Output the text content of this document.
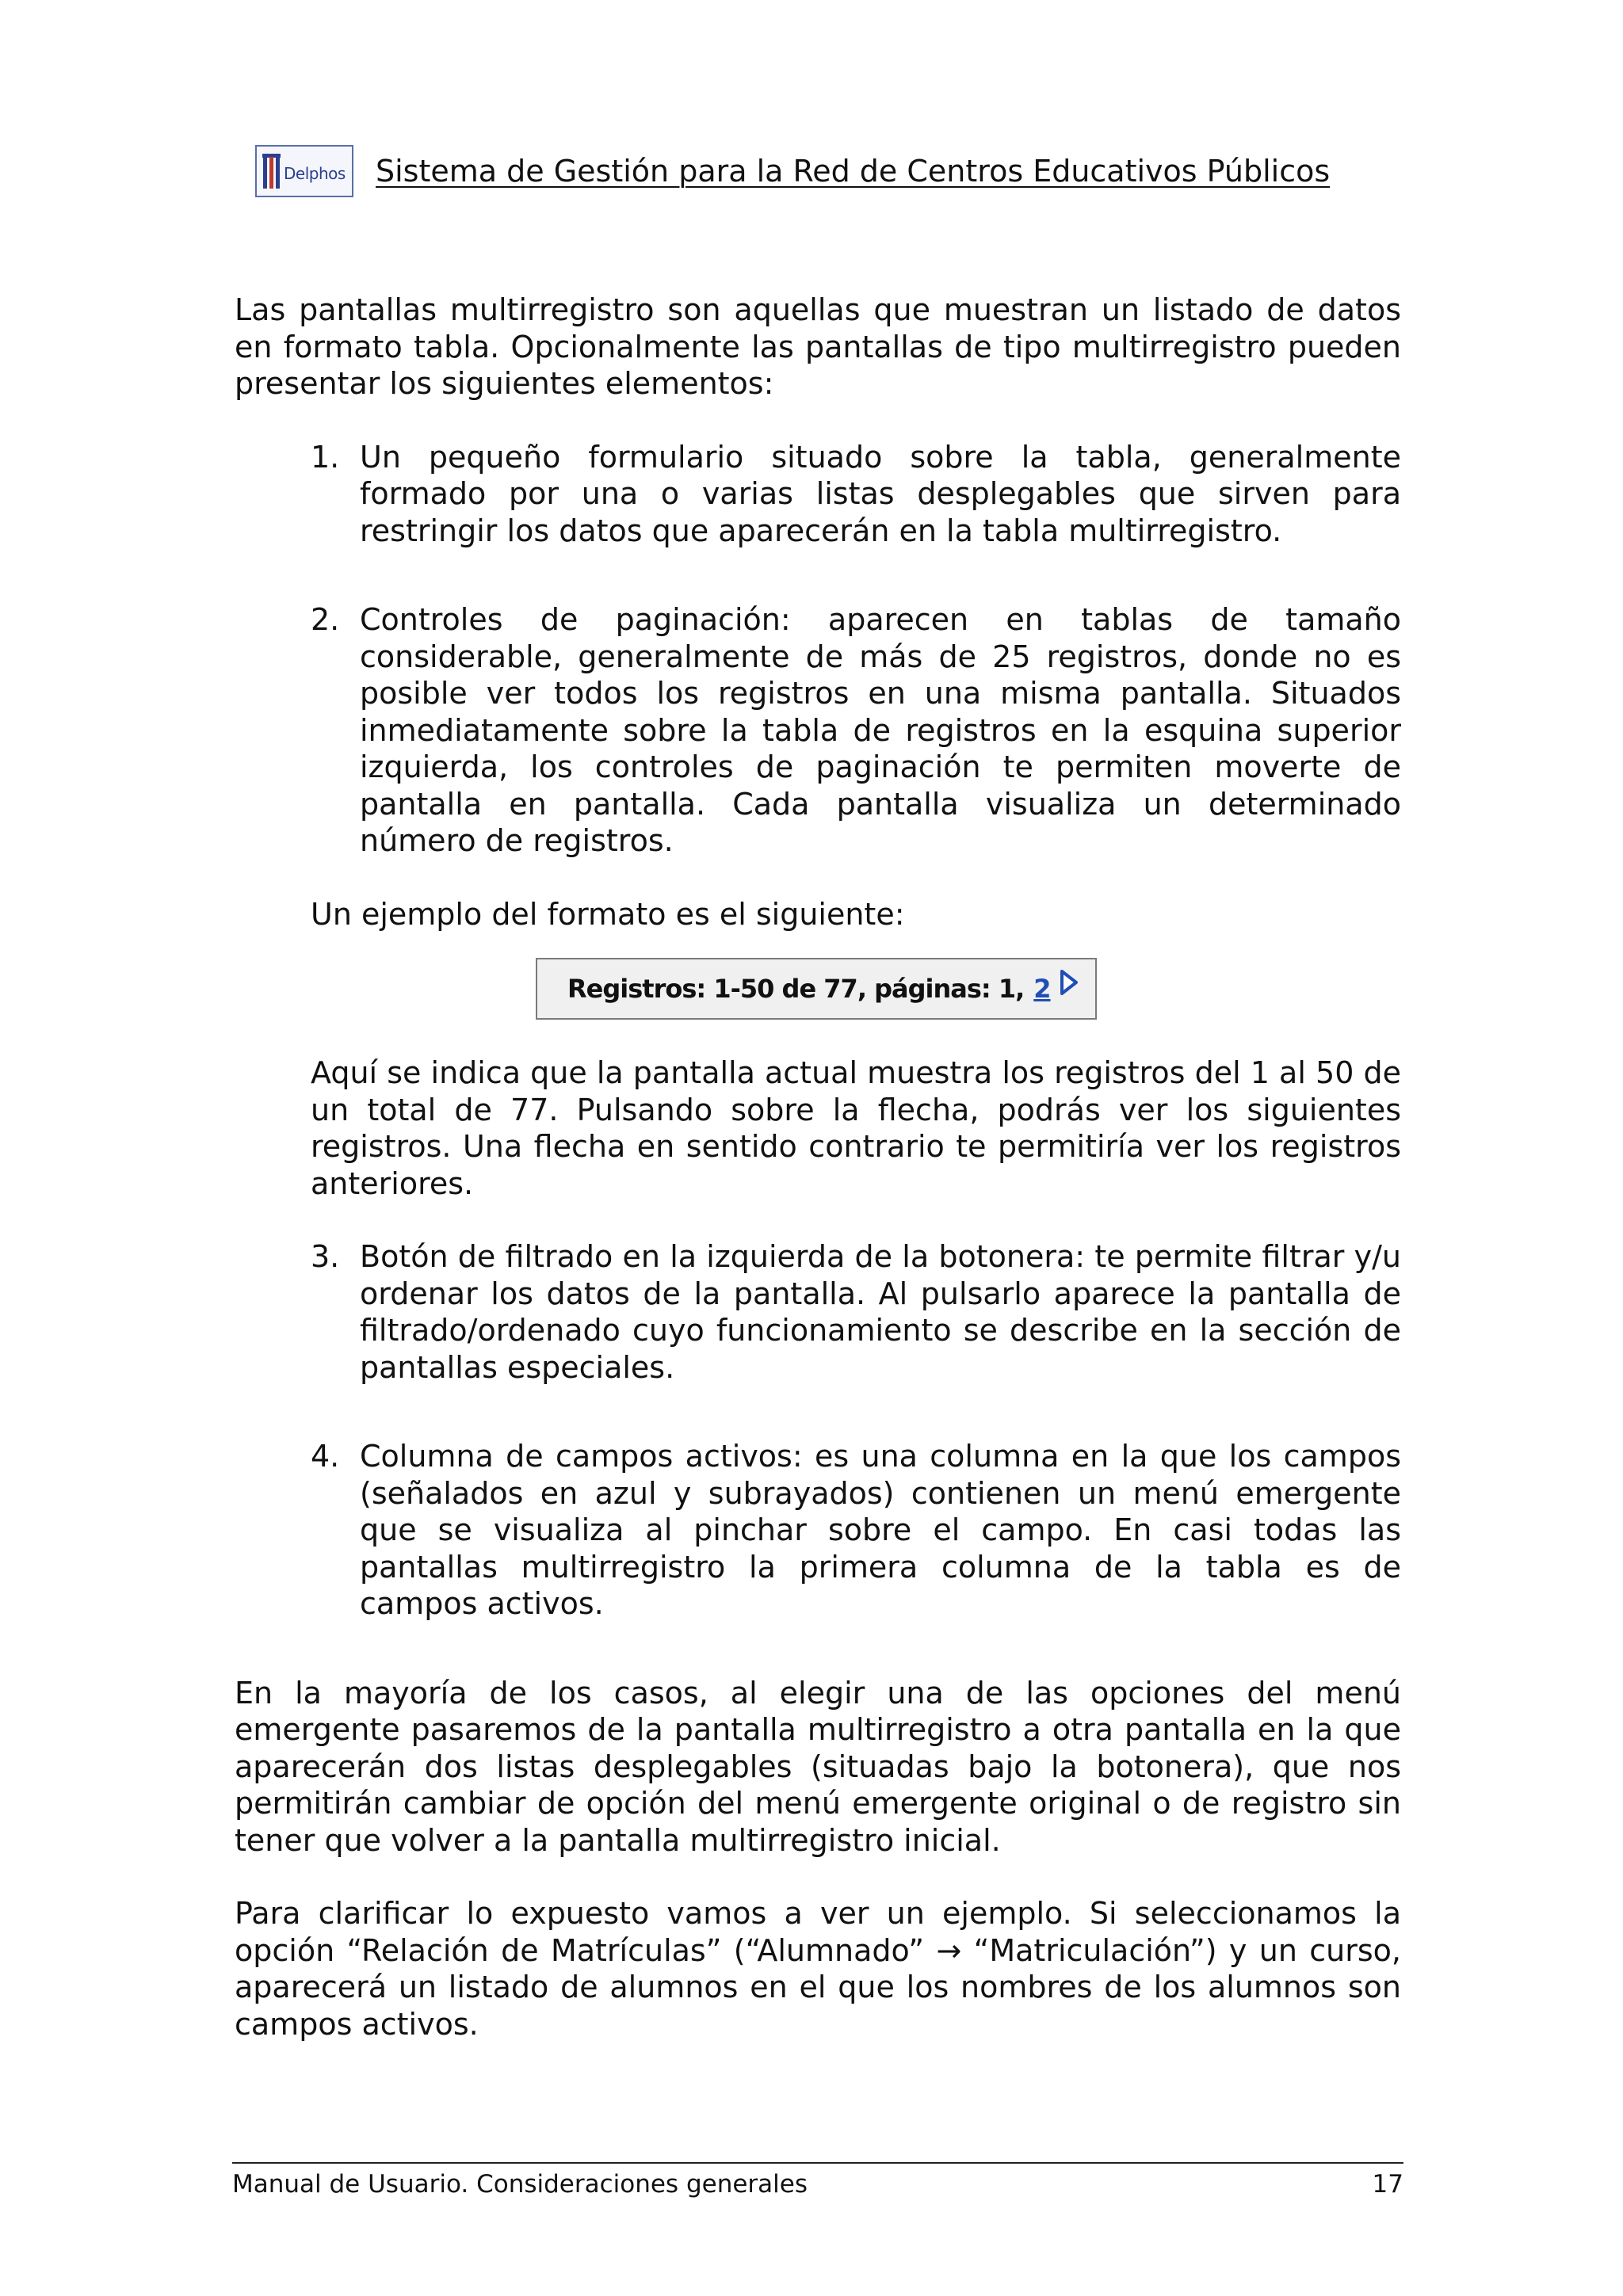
Delphos Sistema de Gestión para la Red de Centros Educativos Públicos

Las pantallas multirregistro son aquellas que muestran un listado de datos en formato tabla. Opcionalmente las pantallas de tipo multirregistro pueden presentar los siguientes elementos:

1. Un pequeño formulario situado sobre la tabla, generalmente formado por una o varias listas desplegables que sirven para restringir los datos que aparecerán en la tabla multirregistro.

2. Controles de paginación: aparecen en tablas de tamaño considerable, generalmente de más de 25 registros, donde no es posible ver todos los registros en una misma pantalla. Situados inmediatamente sobre la tabla de registros en la esquina superior izquierda, los controles de paginación te permiten moverte de pantalla en pantalla. Cada pantalla visualiza un determinado número de registros.

Un ejemplo del formato es el siguiente:

Registros: 1-50 de 77, páginas: 1, 2

Aquí se indica que la pantalla actual muestra los registros del 1 al 50 de un total de 77. Pulsando sobre la flecha, podrás ver los siguientes registros. Una flecha en sentido contrario te permitiría ver los registros anteriores.

3. Botón de filtrado en la izquierda de la botonera: te permite filtrar y/u ordenar los datos de la pantalla. Al pulsarlo aparece la pantalla de filtrado/ordenado cuyo funcionamiento se describe en la sección de pantallas especiales.

4. Columna de campos activos: es una columna en la que los campos (señalados en azul y subrayados) contienen un menú emergente que se visualiza al pinchar sobre el campo. En casi todas las pantallas multirregistro la primera columna de la tabla es de campos activos.

En la mayoría de los casos, al elegir una de las opciones del menú emergente pasaremos de la pantalla multirregistro a otra pantalla en la que aparecerán dos listas desplegables (situadas bajo la botonera), que nos permitirán cambiar de opción del menú emergente original o de registro sin tener que volver a la pantalla multirregistro inicial.

Para clarificar lo expuesto vamos a ver un ejemplo. Si seleccionamos la opción “Relación de Matrículas” (“Alumnado” → “Matriculación”) y un curso, aparecerá un listado de alumnos en el que los nombres de los alumnos son campos activos.

Manual de Usuario. Consideraciones generales	17
